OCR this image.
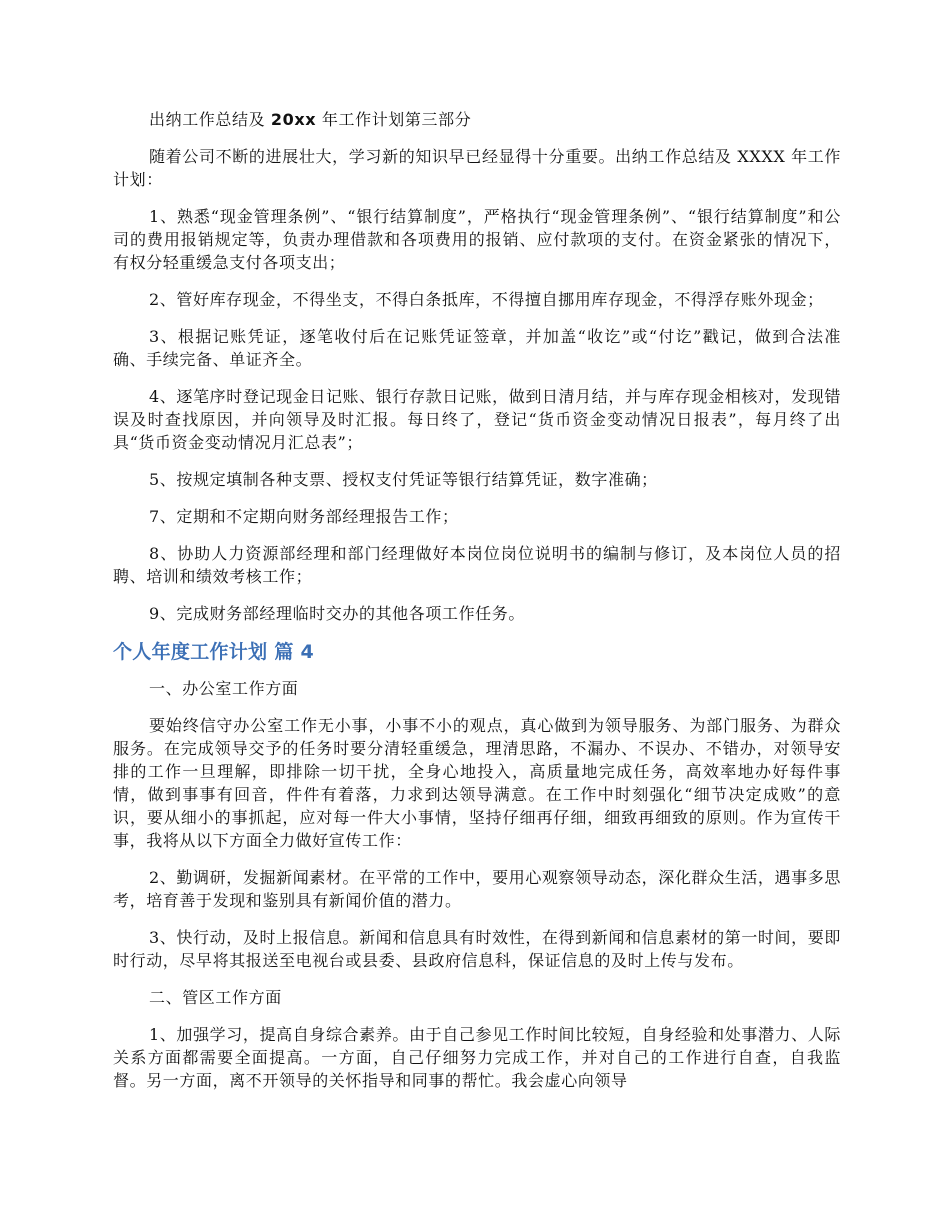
出纳工作总结及 20xx 年工作计划第三部分

随着公司不断的进展壮大，学习新的知识早已经显得十分重要。出纳工作总结及 XXXX 年工作计划：

1、熟悉“现金管理条例”、“银行结算制度”，严格执行“现金管理条例”、“银行结算制度”和公司的费用报销规定等，负责办理借款和各项费用的报销、应付款项的支付。在资金紧张的情况下，有权分轻重缓急支付各项支出；

2、管好库存现金，不得坐支，不得白条抵库，不得擅自挪用库存现金，不得浮存账外现金；

3、根据记账凭证，逐笔收付后在记账凭证签章，并加盖“收讫”或“付讫”戳记，做到合法准确、手续完备、单证齐全。

4、逐笔序时登记现金日记账、银行存款日记账，做到日清月结，并与库存现金相核对，发现错误及时查找原因，并向领导及时汇报。每日终了，登记“货币资金变动情况日报表”，每月终了出具“货币资金变动情况月汇总表”；

5、按规定填制各种支票、授权支付凭证等银行结算凭证，数字准确；

7、定期和不定期向财务部经理报告工作；

8、协助人力资源部经理和部门经理做好本岗位岗位说明书的编制与修订，及本岗位人员的招聘、培训和绩效考核工作；

9、完成财务部经理临时交办的其他各项工作任务。

个人年度工作计划 篇 4

一、办公室工作方面

要始终信守办公室工作无小事，小事不小的观点，真心做到为领导服务、为部门服务、为群众服务。在完成领导交予的任务时要分清轻重缓急，理清思路，不漏办、不误办、不错办，对领导安排的工作一旦理解，即排除一切干扰，全身心地投入，高质量地完成任务，高效率地办好每件事情，做到事事有回音，件件有着落，力求到达领导满意。在工作中时刻强化“细节决定成败”的意识，要从细小的事抓起，应对每一件大小事情，坚持仔细再仔细，细致再细致的原则。作为宣传干事，我将从以下方面全力做好宣传工作：

2、勤调研，发掘新闻素材。在平常的工作中，要用心观察领导动态，深化群众生活，遇事多思考，培育善于发现和鉴别具有新闻价值的潜力。

3、快行动，及时上报信息。新闻和信息具有时效性，在得到新闻和信息素材的第一时间，要即时行动，尽早将其报送至电视台或县委、县政府信息科，保证信息的及时上传与发布。

二、管区工作方面

1、加强学习，提高自身综合素养。由于自己参见工作时间比较短，自身经验和处事潜力、人际关系方面都需要全面提高。一方面，自己仔细努力完成工作，并对自己的工作进行自查，自我监督。另一方面，离不开领导的关怀指导和同事的帮忙。我会虚心向领导
